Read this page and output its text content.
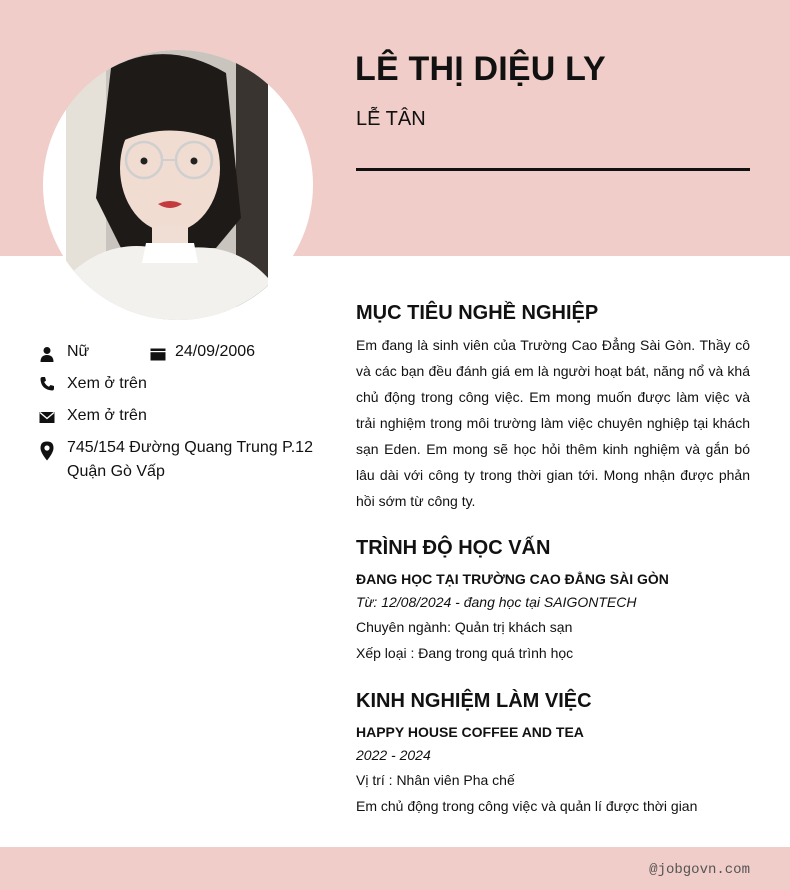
LÊ THỊ DIỆU LY
LỄ TÂN
Nữ	24/09/2006
Xem ở trên
Xem ở trên
745/154 Đường Quang Trung P.12
Quận Gò Vấp
MỤC TIÊU NGHỀ NGHIỆP

Em đang là sinh viên của Trường Cao Đẳng Sài Gòn. Thầy cô và các bạn đều đánh giá em là người hoạt bát, năng nổ và khá chủ động trong công việc. Em mong muốn được làm việc và trải nghiệm trong môi trường làm việc chuyên nghiệp tại khách sạn Eden. Em mong sẽ học hỏi thêm kinh nghiệm và gắn bó lâu dài với công ty trong thời gian tới. Mong nhận được phản hồi sớm từ công ty.

TRÌNH ĐỘ HỌC VẤN
ĐANG HỌC TẠI TRƯỜNG CAO ĐẲNG SÀI GÒN
Từ: 12/08/2024 - đang học tại SAIGONTECH
Chuyên ngành: Quản trị khách sạn
Xếp loại : Đang trong quá trình học
KINH NGHIỆM LÀM VIỆC
HAPPY HOUSE COFFEE AND TEA
2022 - 2024
Vị trí : Nhân viên Pha chế
Em chủ động trong công việc và quản lí được thời gian
@jobgovn.com
